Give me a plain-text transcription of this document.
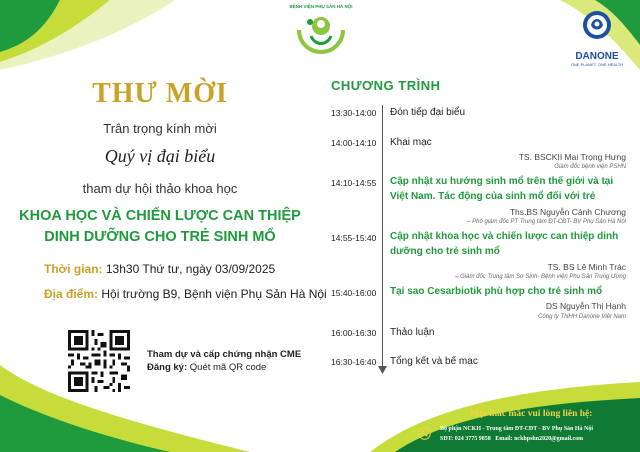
BỆNH VIỆN PHỤ SẢN HÀ NỘI
DANONE
ONE PLANET. ONE HEALTH
THƯ MỜI
Trân trọng kính mời
Quý vị đại biểu
tham dự hội thảo khoa học
KHOA HỌC VÀ CHIẾN LƯỢC CAN THIỆP
DINH DƯỠNG CHO TRẺ SINH MỔ
Thời gian: 13h30 Thứ tư, ngày 03/09/2025
Địa điểm: Hội trường B9, Bệnh viện Phụ Sản Hà Nội
Tham dự và cấp chứng nhận CME
Đăng ký: Quét mã QR code
CHƯƠNG TRÌNH
13:30-14:00 Đón tiếp đại biểu
14:00-14:10 Khai mạc
TS. BSCKII Mai Trọng Hưng
Giám đốc bệnh viện PSHN
14:10-14:55 Cập nhật xu hướng sinh mổ trên thế giới và tại
Việt Nam. Tác động của sinh mổ đối với trẻ
Ths.BS Nguyễn Cảnh Chương
– Phó giám đốc PT Trung tâm ĐT-CĐT- BV Phụ Sản Hà Nội
14:55-15:40 Cập nhật khoa học và chiến lược can thiệp dinh
dưỡng cho trẻ sinh mổ
TS. BS Lê Minh Trác
– Giám đốc Trung tâm Sơ Sinh- Bệnh viện Phụ Sản Trung Ương
15:40-16:00 Tại sao Cesarbiotik phù hợp cho trẻ sinh mổ
DS Nguyễn Thị Hạnh
Công ty TNHH Danone Việt Nam
16:00-16:30 Thảo luận
16:30-16:40 Tổng kết và bế mạc
Mọi thắc mắc vui lòng liên hệ:
Bộ phận NCKH - Trung tâm ĐT-CĐT - BV Phụ Sản Hà Nội
SĐT: 024 3775 9858 Email: nckhpshn2020@gmail.com
